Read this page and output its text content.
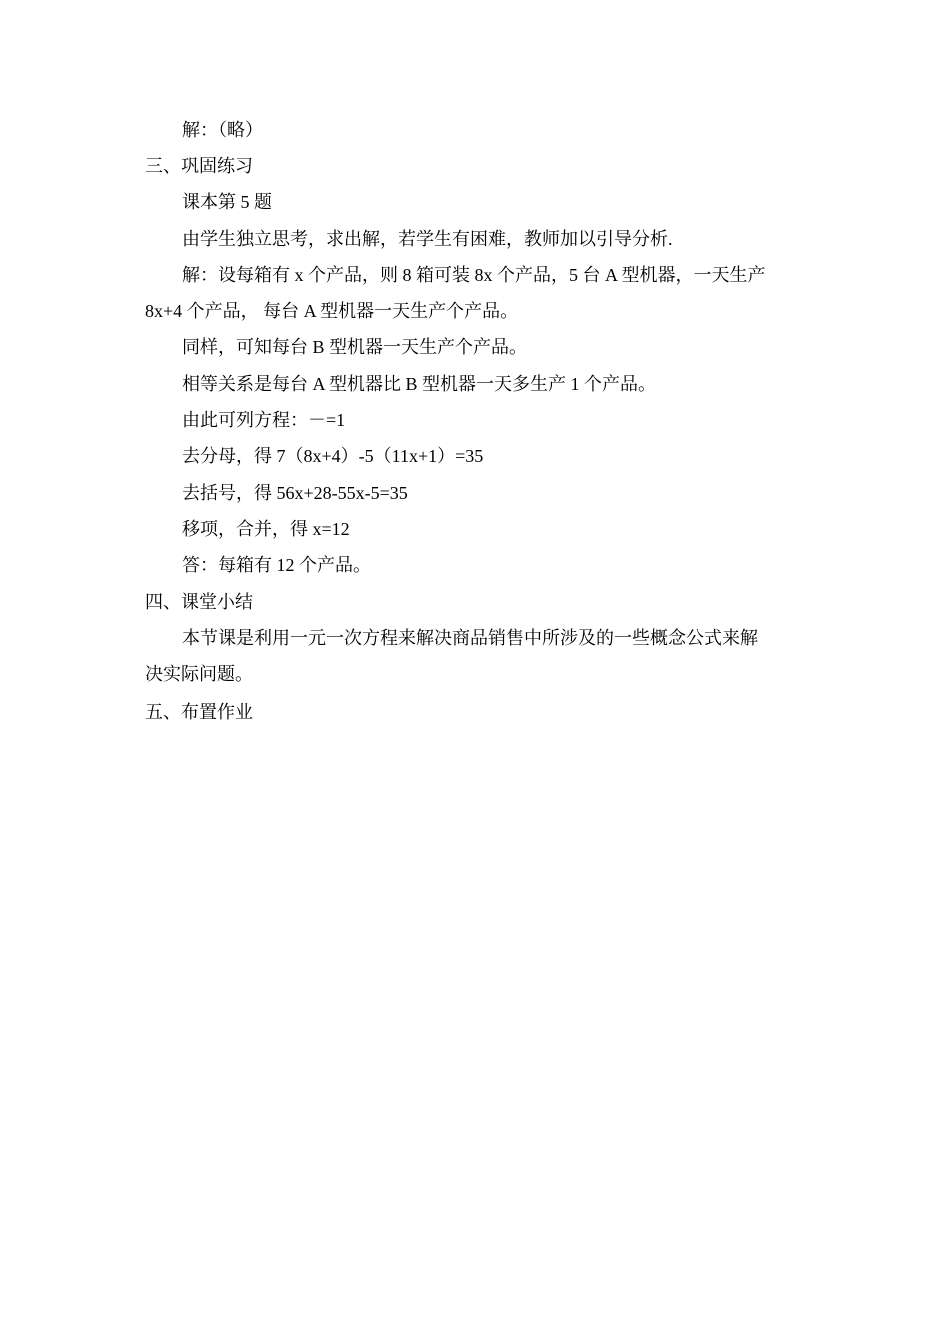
解：（略）
三、巩固练习
课本第 5 题
由学生独立思考，求出解，若学生有困难，教师加以引导分析.
解：设每箱有 x 个产品，则 8 箱可装 8x 个产品，5 台 A 型机器，一天生产
8x+4 个产品， 每台 A 型机器一天生产个产品。
同样，可知每台 B 型机器一天生产个产品。
相等关系是每台 A 型机器比 B 型机器一天多生产 1 个产品。
由此可列方程：－=1
去分母，得 7（8x+4）-5（11x+1）=35
去括号，得 56x+28-55x-5=35
移项，合并，得 x=12
答：每箱有 12 个产品。
四、课堂小结
本节课是利用一元一次方程来解决商品销售中所涉及的一些概念公式来解
决实际问题。
五、布置作业
